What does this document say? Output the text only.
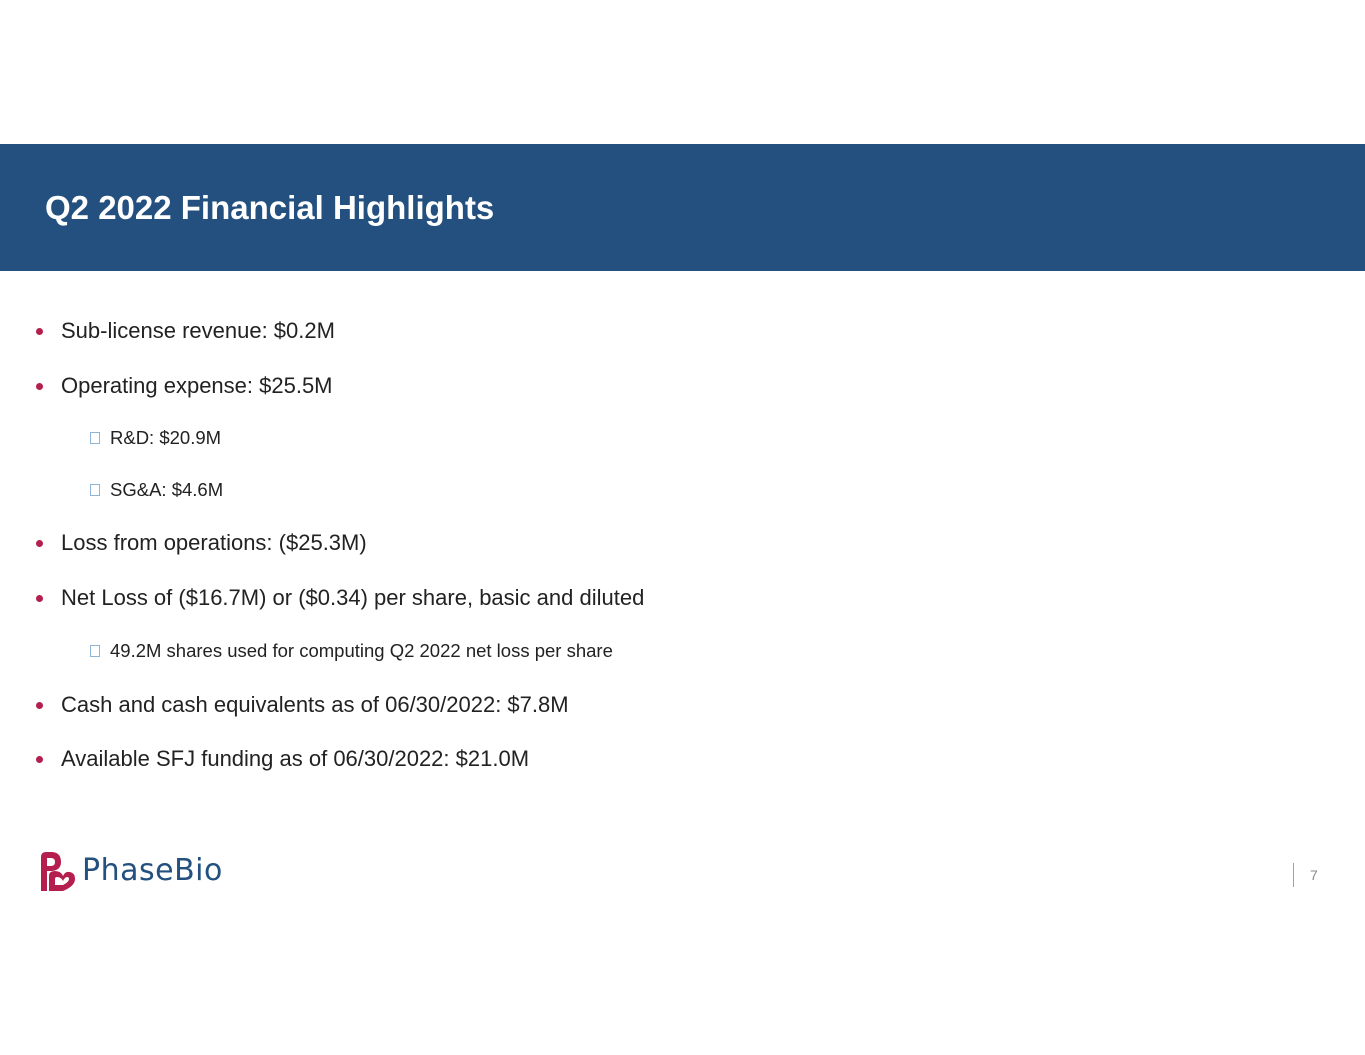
Q2 2022 Financial Highlights
Sub-license revenue: $0.2M
Operating expense: $25.5M
R&D: $20.9M
SG&A: $4.6M
Loss from operations: ($25.3M)
Net Loss of ($16.7M) or ($0.34) per share, basic and diluted
49.2M shares used for computing Q2 2022 net loss per share
Cash and cash equivalents as of 06/30/2022: $7.8M
Available SFJ funding as of 06/30/2022: $21.0M
PhaseBio	7
